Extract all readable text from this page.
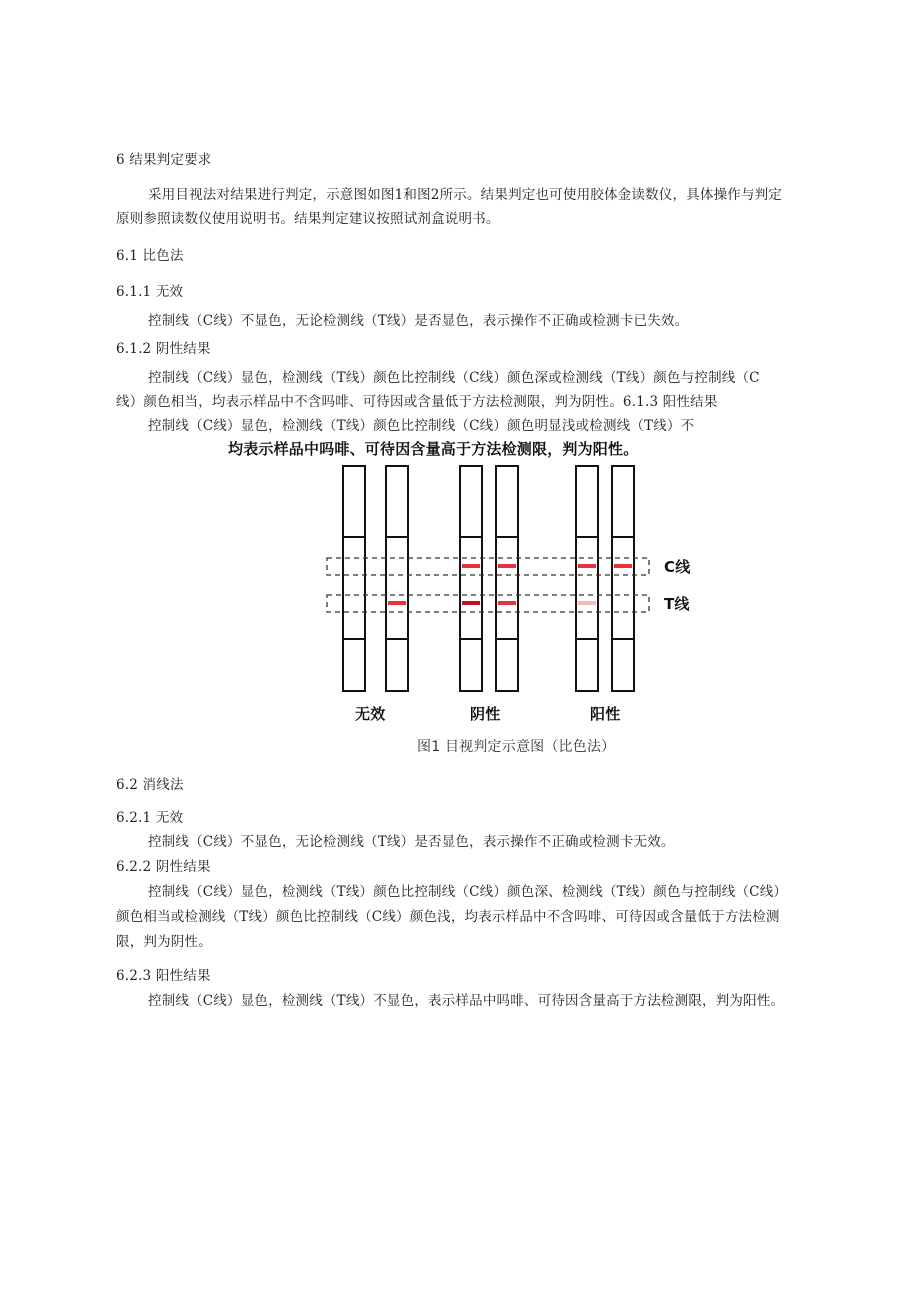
6 结果判定要求
采用目视法对结果进行判定，示意图如图1和图2所示。结果判定也可使用胶体金读数仪，具体操作与判定
原则参照读数仪使用说明书。结果判定建议按照试剂盒说明书。
6.1 比色法
6.1.1 无效
控制线（C线）不显色，无论检测线（T线）是否显色，表示操作不正确或检测卡已失效。
6.1.2 阴性结果
控制线（C线）显色，检测线（T线）颜色比控制线（C线）颜色深或检测线（T线）颜色与控制线（C
线）颜色相当，均表示样品中不含吗啡、可待因或含量低于方法检测限，判为阴性。6.1.3 阳性结果
控制线（C线）显色，检测线（T线）颜色比控制线（C线）颜色明显浅或检测线（T线）不
均表示样品中吗啡、可待因含量高于方法检测限，判为阳性。
C线
T线
无效	阴性	阳性
图1 目视判定示意图（比色法）
6.2 消线法
6.2.1 无效
控制线（C线）不显色，无论检测线（T线）是否显色，表示操作不正确或检测卡无效。
6.2.2 阴性结果
控制线（C线）显色，检测线（T线）颜色比控制线（C线）颜色深、检测线（T线）颜色与控制线（C线）
颜色相当或检测线（T线）颜色比控制线（C线）颜色浅，均表示样品中不含吗啡、可待因或含量低于方法检测
限，判为阴性。
6.2.3 阳性结果
控制线（C线）显色，检测线（T线）不显色，表示样品中吗啡、可待因含量高于方法检测限，判为阳性。
